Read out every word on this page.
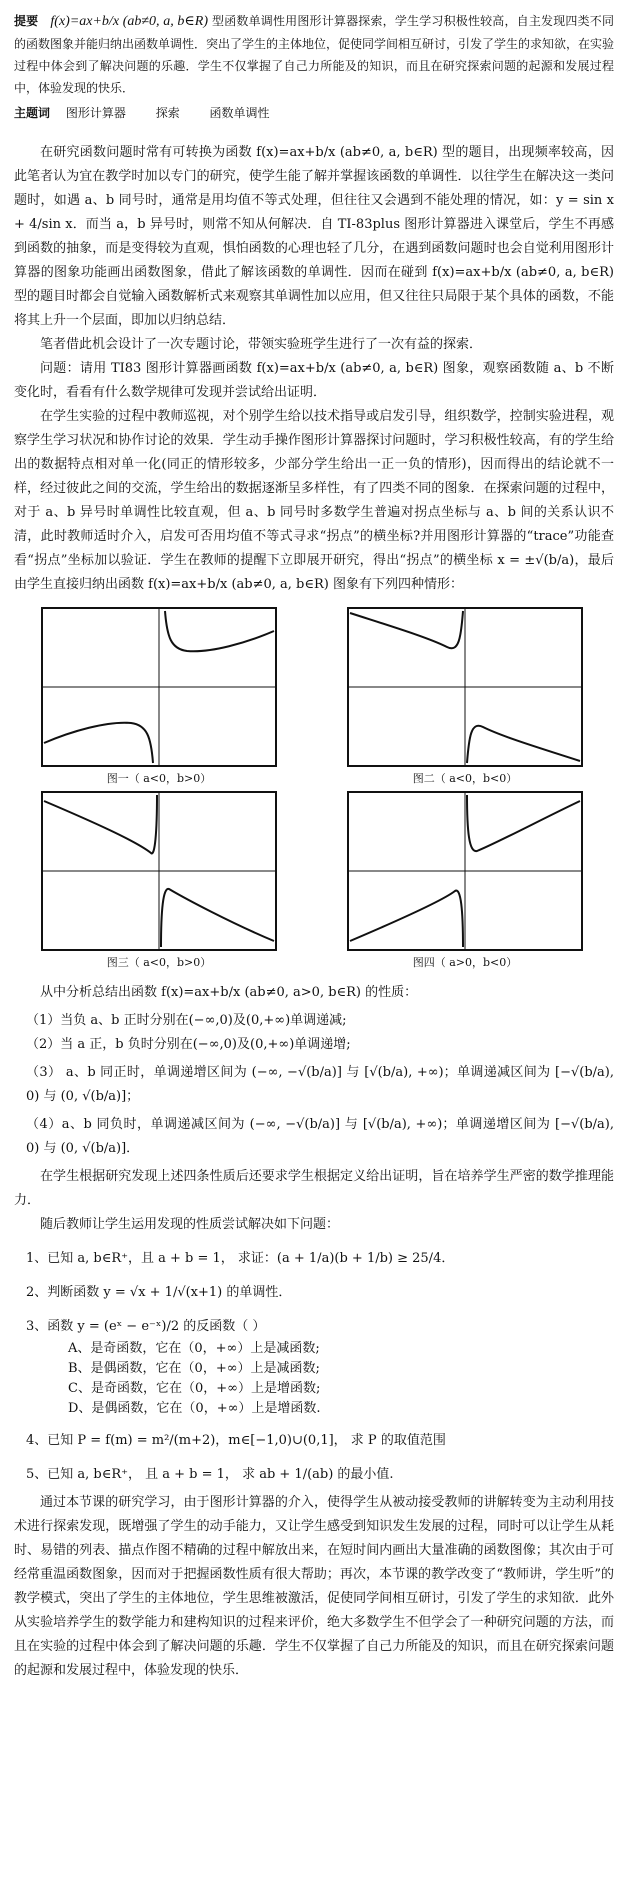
提要 f(x)=ax+b/x (ab≠0, a, b∈R) 型函数单调性用图形计算器探索，学生学习积极性较高，自主发现四类不同的函数图象并能归纳出函数单调性．突出了学生的主体地位，促使同学间相互研讨，引发了学生的求知欲，在实验过程中体会到了解决问题的乐趣．学生不仅掌握了自己力所能及的知识，而且在研究探索问题的起源和发展过程中，体验发现的快乐．

主题词 图形计算器 探索 函数单调性

在研究函数问题时常有可转换为函数 f(x)=ax+b/x (ab≠0, a, b∈R) 型的题目，出现频率较高，因此笔者认为宜在教学时加以专门的研究，使学生能了解并掌握该函数的单调性．以往学生在解决这一类问题时，如遇 a、b 同号时，通常是用均值不等式处理，但往往又会遇到不能处理的情况，如：y = sin x + 4/sin x．而当 a，b 异号时，则常不知从何解决．自 TI-83plus 图形计算器进入课堂后，学生不再感到函数的抽象，而是变得较为直观，惧怕函数的心理也轻了几分，在遇到函数问题时也会自觉利用图形计算器的图象功能画出函数图象，借此了解该函数的单调性．因而在碰到 f(x)=ax+b/x (ab≠0, a, b∈R) 型的题目时都会自觉输入函数解析式来观察其单调性加以应用，但又往往只局限于某个具体的函数，不能将其上升一个层面，即加以归纳总结．

笔者借此机会设计了一次专题讨论，带领实验班学生进行了一次有益的探索．

问题：请用 TI83 图形计算器画函数 f(x)=ax+b/x (ab≠0, a, b∈R) 图象，观察函数随 a、b 不断变化时，看看有什么数学规律可发现并尝试给出证明．

在学生实验的过程中教师巡视，对个别学生给以技术指导或启发引导，组织数学，控制实验进程，观察学生学习状况和协作讨论的效果．学生动手操作图形计算器探讨问题时，学习积极性较高，有的学生给出的数据特点相对单一化(同正的情形较多，少部分学生给出一正一负的情形)，因而得出的结论就不一样，经过彼此之间的交流，学生给出的数据逐渐呈多样性，有了四类不同的图象．在探索问题的过程中，对于 a、b 异号时单调性比较直观，但 a、b 同号时多数学生普遍对拐点坐标与 a、b 间的关系认识不清，此时教师适时介入，启发可否用均值不等式寻求“拐点”的横坐标?并用图形计算器的“trace”功能查看“拐点”坐标加以验证．学生在教师的提醒下立即展开研究，得出“拐点”的横坐标 x = ±√(b/a)，最后由学生直接归纳出函数 f(x)=ax+b/x (ab≠0, a, b∈R) 图象有下列四种情形：

图一（ a<0，b>0）	图二（ a<0，b<0）
图三（ a<0，b>0）	图四（ a>0，b<0）

从中分析总结出函数 f(x)=ax+b/x (ab≠0, a>0, b∈R) 的性质：

（1）当负 a、b 正时分别在(−∞,0)及(0,+∞)单调递减;

（2）当 a 正，b 负时分别在(−∞,0)及(0,+∞)单调递增;

（3） a、b 同正时，单调递增区间为 (−∞, −√(b/a)] 与 [√(b/a), +∞)；单调递减区间为 [−√(b/a), 0) 与 (0, √(b/a)]；

（4）a、b 同负时，单调递减区间为 (−∞, −√(b/a)] 与 [√(b/a), +∞)；单调递增区间为 [−√(b/a), 0) 与 (0, √(b/a)]．

在学生根据研究发现上述四条性质后还要求学生根据定义给出证明，旨在培养学生严密的数学推理能力．

随后教师让学生运用发现的性质尝试解决如下问题：

1、已知 a, b∈R⁺，且 a + b = 1， 求证：(a + 1/a)(b + 1/b) ≥ 25/4．

2、判断函数 y = √x + 1/√(x+1) 的单调性．

3、函数 y = (eˣ − e⁻ˣ)/2 的反函数（ ）

A、是奇函数，它在（0，+∞）上是减函数;

B、是偶函数，它在（0，+∞）上是减函数;

C、是奇函数，它在（0，+∞）上是增函数;

D、是偶函数，它在（0，+∞）上是增函数.

4、已知 P = f(m) = m²/(m+2)，m∈[−1,0)∪(0,1]， 求 P 的取值范围

5、已知 a, b∈R⁺， 且 a + b = 1， 求 ab + 1/(ab) 的最小值.

通过本节课的研究学习，由于图形计算器的介入，使得学生从被动接受教师的讲解转变为主动利用技术进行探索发现，既增强了学生的动手能力，又让学生感受到知识发生发展的过程，同时可以让学生从耗时、易错的列表、描点作图不精确的过程中解放出来，在短时间内画出大量准确的函数图像；其次由于可经常重温函数图象，因而对于把握函数性质有很大帮助；再次，本节课的教学改变了“教师讲，学生听”的教学模式，突出了学生的主体地位，学生思维被激活，促使同学间相互研讨，引发了学生的求知欲．此外从实验培养学生的数学能力和建构知识的过程来评价，绝大多数学生不但学会了一种研究问题的方法，而且在实验的过程中体会到了解决问题的乐趣．学生不仅掌握了自己力所能及的知识，而且在研究探索问题的起源和发展过程中，体验发现的快乐．
